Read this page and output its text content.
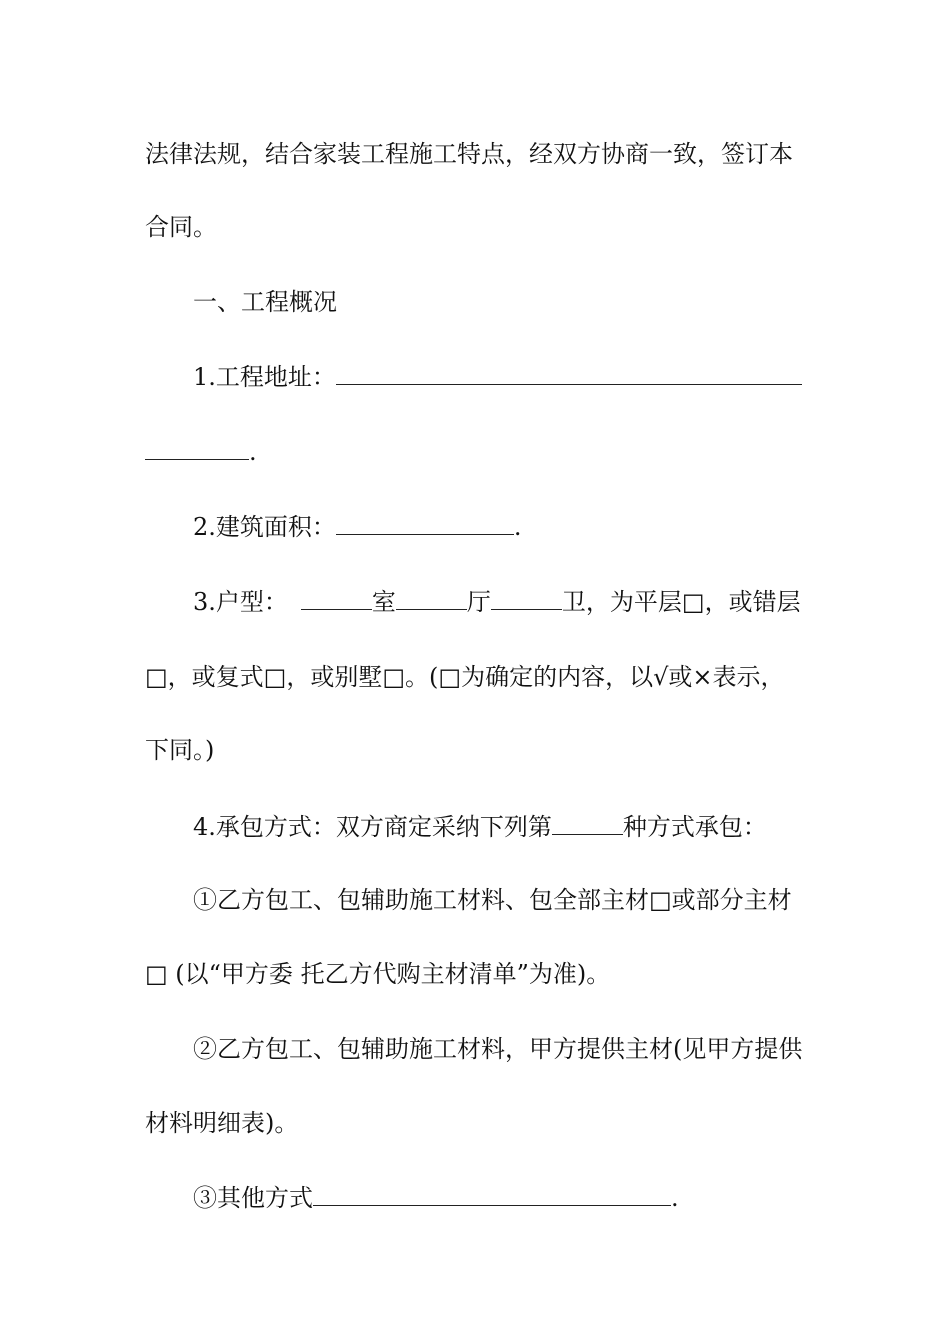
法律法规，结合家装工程施工特点，经双方协商一致，签订本
合同。
一、工程概况
1.工程地址：
.
2.建筑面积：	.
3.户型：	室	厅	卫，为平层□，或错层
□，或复式□，或别墅□。(□为确定的内容，以√或×表示，
下同。)
4.承包方式：双方商定采纳下列第	种方式承包：
①乙方包工、包辅助施工材料、包全部主材□或部分主材
□ (以“甲方委 托乙方代购主材清单”为准)。
②乙方包工、包辅助施工材料，甲方提供主材(见甲方提供
材料明细表)。
③其他方式	.
